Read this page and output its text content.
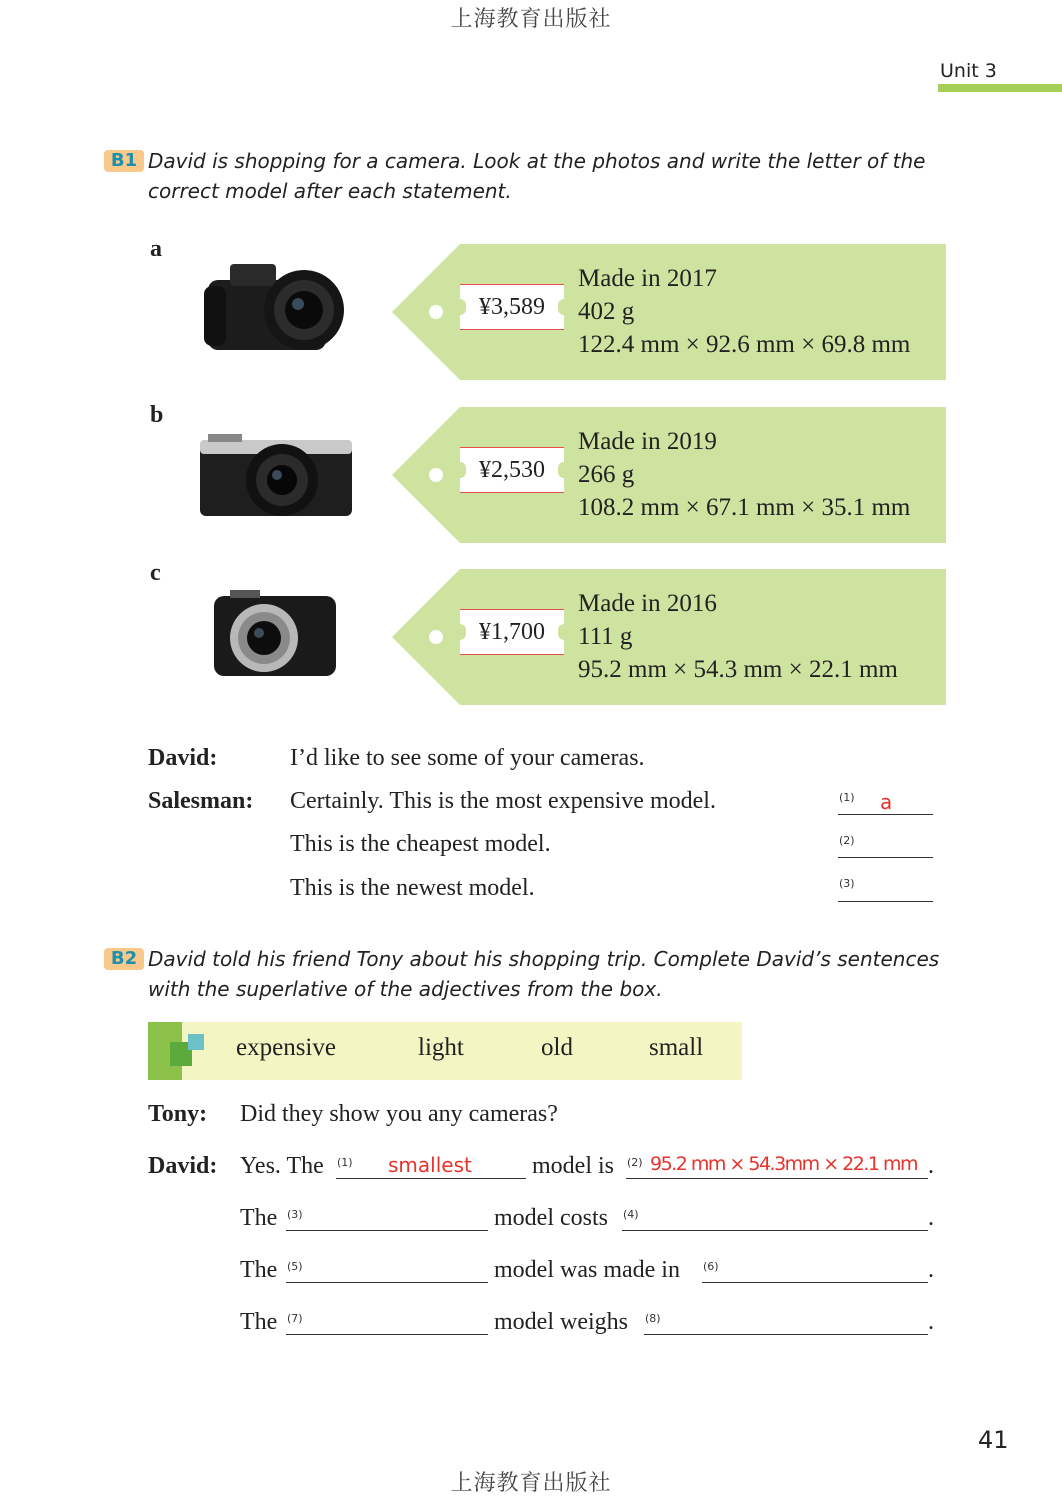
上海教育出版社
Unit 3
B1 David is shopping for a camera. Look at the photos and write the letter of the
correct model after each statement.
a
¥3,589
Made in 2017
402 g
122.4 mm × 92.6 mm × 69.8 mm
b
¥2,530
Made in 2019
266 g
108.2 mm × 67.1 mm × 35.1 mm
c
¥1,700
Made in 2016
111 g
95.2 mm × 54.3 mm × 22.1 mm
David:	I’d like to see some of your cameras.
Salesman: Certainly. This is the most expensive model.	(1) a
This is the cheapest model.	(2)
This is the newest model.	(3)
B2 David told his friend Tony about his shopping trip. Complete David’s sentences
with the superlative of the adjectives from the box.
expensive	light	old	small
Tony: Did they show you any cameras?
David: Yes. The (1) smallest	model is (2) 95.2 mm × 54.3mm × 22.1 mm .
The (3)	model costs (4)	.
The (5)	model was made in (6)	.
The (7)	model weighs (8)	.
41
上海教育出版社
